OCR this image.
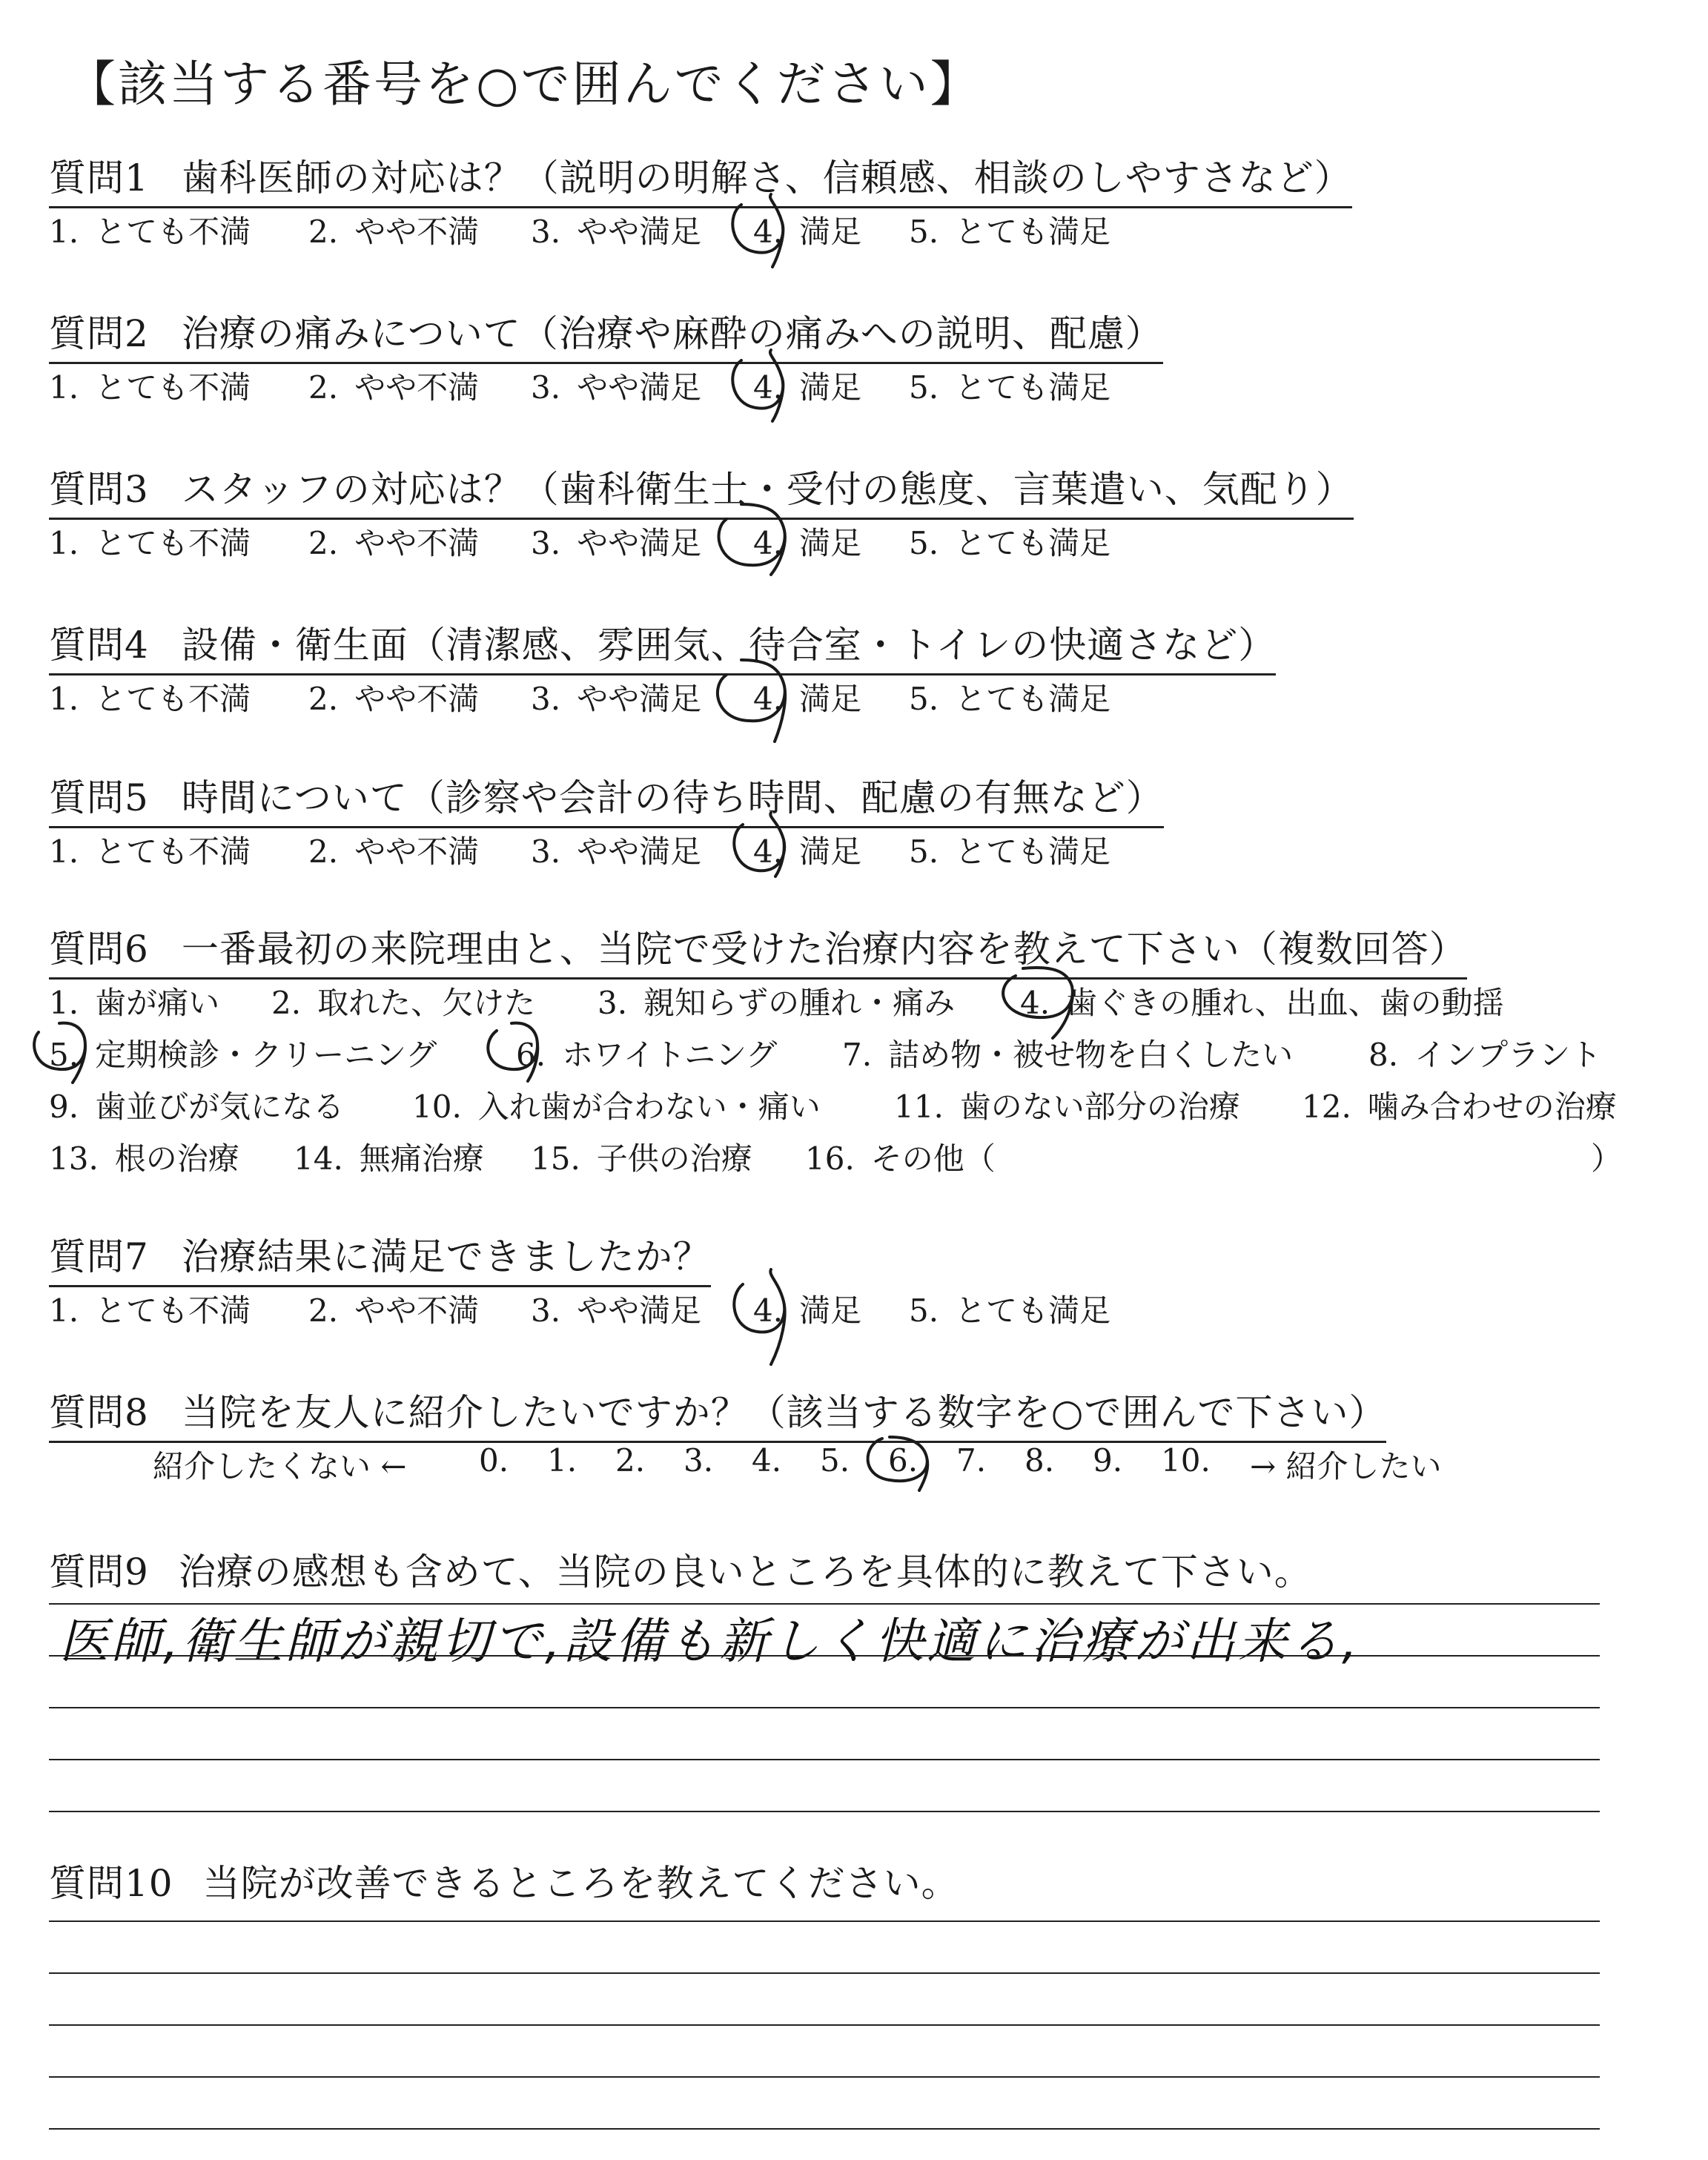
【該当する番号を○で囲んでください】
質問1 歯科医師の対応は？（説明の明解さ、信頼感、相談のしやすさなど）
1. とても不満 2. やや不満 3. やや満足 4. 満足 5. とても満足
質問2 治療の痛みについて（治療や麻酔の痛みへの説明、配慮）
1. とても不満 2. やや不満 3. やや満足 4. 満足 5. とても満足
質問3 スタッフの対応は？（歯科衛生士・受付の態度、言葉遣い、気配り）
1. とても不満 2. やや不満 3. やや満足 4. 満足 5. とても満足
質問4 設備・衛生面（清潔感、雰囲気、待合室・トイレの快適さなど）
1. とても不満 2. やや不満 3. やや満足 4. 満足 5. とても満足
質問5 時間について（診察や会計の待ち時間、配慮の有無など）
1. とても不満 2. やや不満 3. やや満足 4. 満足 5. とても満足
質問6 一番最初の来院理由と、当院で受けた治療内容を教えて下さい（複数回答）
1. 歯が痛い 2. 取れた、欠けた 3. 親知らずの腫れ・痛み 4. 歯ぐきの腫れ、出血、歯の動揺
5. 定期検診・クリーニング	6. ホワイトニング 7. 詰め物・被せ物を白くしたい 8. インプラント
9. 歯並びが気になる 10. 入れ歯が合わない・痛い 11. 歯のない部分の治療 12. 噛み合わせの治療
13. 根の治療 14. 無痛治療 15. 子供の治療 16. その他（	）
質問7 治療結果に満足できましたか？
1. とても不満 2. やや不満 3. やや満足 4. 満足 5. とても満足
質問8 当院を友人に紹介したいですか？（該当する数字を○で囲んで下さい）
紹介したくない ← 0. 1. 2. 3. 4. 5. 6. 7. 8. 9. 10. → 紹介したい
質問9 治療の感想も含めて、当院の良いところを具体的に教えて下さい。
医師,衛生師が親切で,設備も新しく快適に治療が出来る,
質問10 当院が改善できるところを教えてください。
